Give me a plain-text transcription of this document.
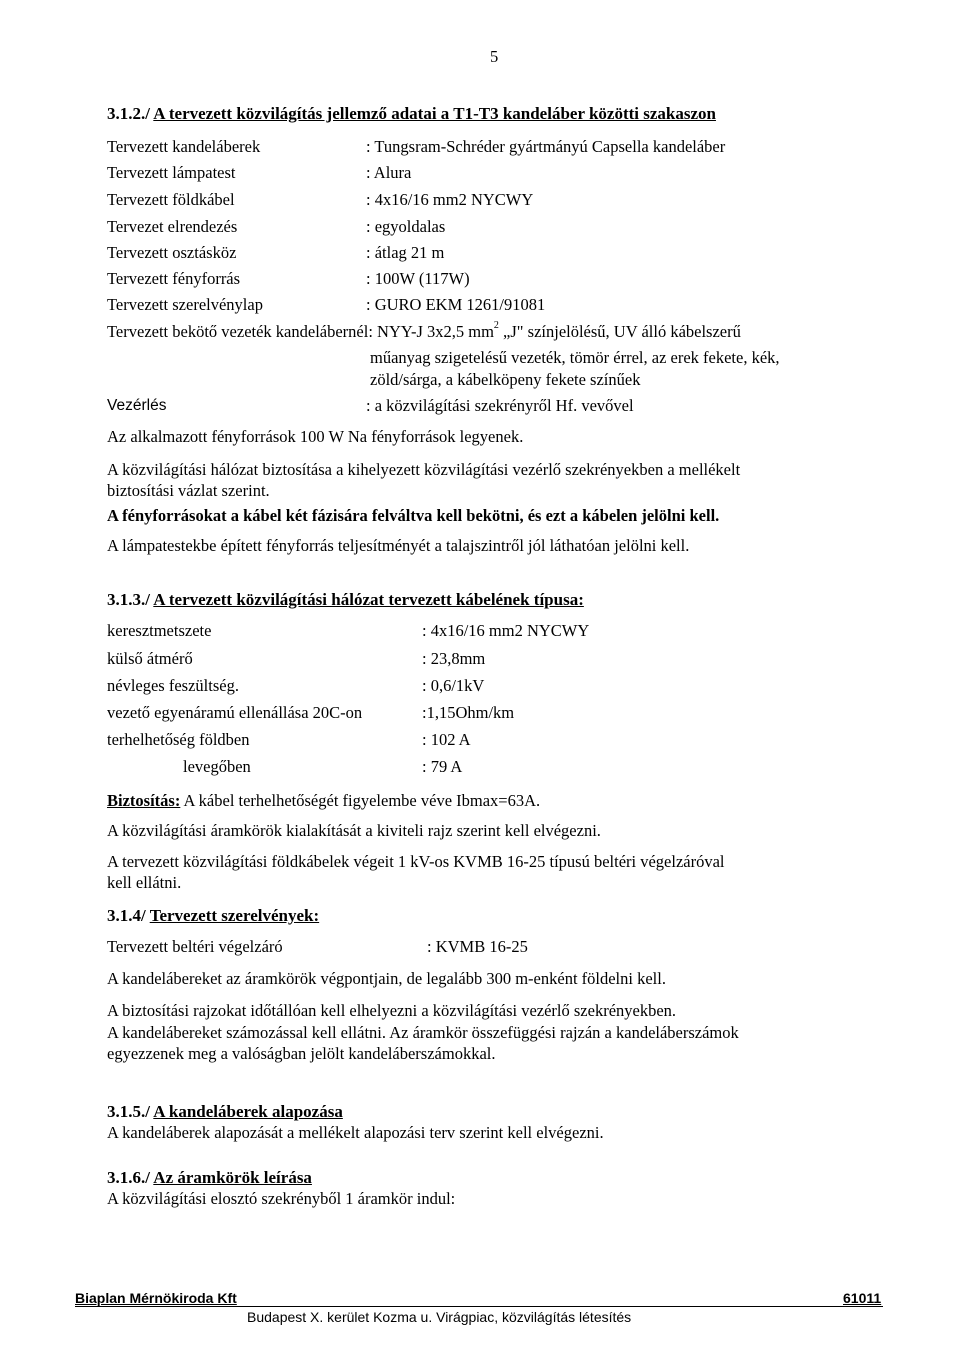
5
3.1.2./ A tervezett közvilágítás jellemző adatai a T1-T3 kandeláber közötti szakaszon
Tervezett kandeláberek	: Tungsram-Schréder gyártmányú Capsella kandeláber
Tervezett lámpatest	: Alura
Tervezett földkábel	: 4x16/16 mm2 NYCWY
Tervezet elrendezés	: egyoldalas
Tervezett osztásköz	: átlag 21 m
Tervezett fényforrás	: 100W (117W)
Tervezett szerelvénylap	: GURO EKM 1261/91081
Tervezett bekötő vezeték kandelábernél: NYY-J 3x2,5 $mm^2$ „J" színjelölésű, UV álló kábelszerű
műanyag szigetelésű vezeték, tömör érrel, az erek fekete, kék,
zöld/sárga, a kábelköpeny fekete színűek
Vezérlés	: a közvilágítási szekrényről Hf. vevővel
Az alkalmazott fényforrások 100 W Na fényforrások legyenek.
A közvilágítási hálózat biztosítása a kihelyezett közvilágítási vezérlő szekrényekben a mellékelt
biztosítási vázlat szerint.
A fényforrásokat a kábel két fázisára felváltva kell bekötni, és ezt a kábelen jelölni kell.
A lámpatestekbe épített fényforrás teljesítményét a talajszintről jól láthatóan jelölni kell.
3.1.3./ A tervezett közvilágítási hálózat tervezett kábelének típusa:
keresztmetszete	: 4x16/16 mm2 NYCWY
külső átmérő	: 23,8mm
névleges feszültség.	: 0,6/1kV
vezető egyenáramú ellenállása 20C-on	:1,15Ohm/km
terhelhetőség földben	: 102 A
levegőben	: 79 A
Biztosítás: A kábel terhelhetőségét figyelembe véve Ibmax=63A.
A közvilágítási áramkörök kialakítását a kiviteli rajz szerint kell elvégezni.
A tervezett közvilágítási földkábelek végeit 1 kV-os KVMB 16-25 típusú beltéri végelzáróval
kell ellátni.
3.1.4/ Tervezett szerelvények:
Tervezett beltéri végelzáró	: KVMB 16-25
A kandelábereket az áramkörök végpontjain, de legalább 300 m-enként földelni kell.
A biztosítási rajzokat időtállóan kell elhelyezni a közvilágítási vezérlő szekrényekben.
A kandelábereket számozással kell ellátni. Az áramkör összefüggési rajzán a kandeláberszámok
egyezzenek meg a valóságban jelölt kandeláberszámokkal.
3.1.5./ A kandeláberek alapozása
A kandeláberek alapozását a mellékelt alapozási terv szerint kell elvégezni.
3.1.6./ Az áramkörök leírása
A közvilágítási elosztó szekrényből 1 áramkör indul:
Biaplan Mérnökiroda Kft	61011
Budapest X. kerület Kozma u. Virágpiac, közvilágítás létesítés
